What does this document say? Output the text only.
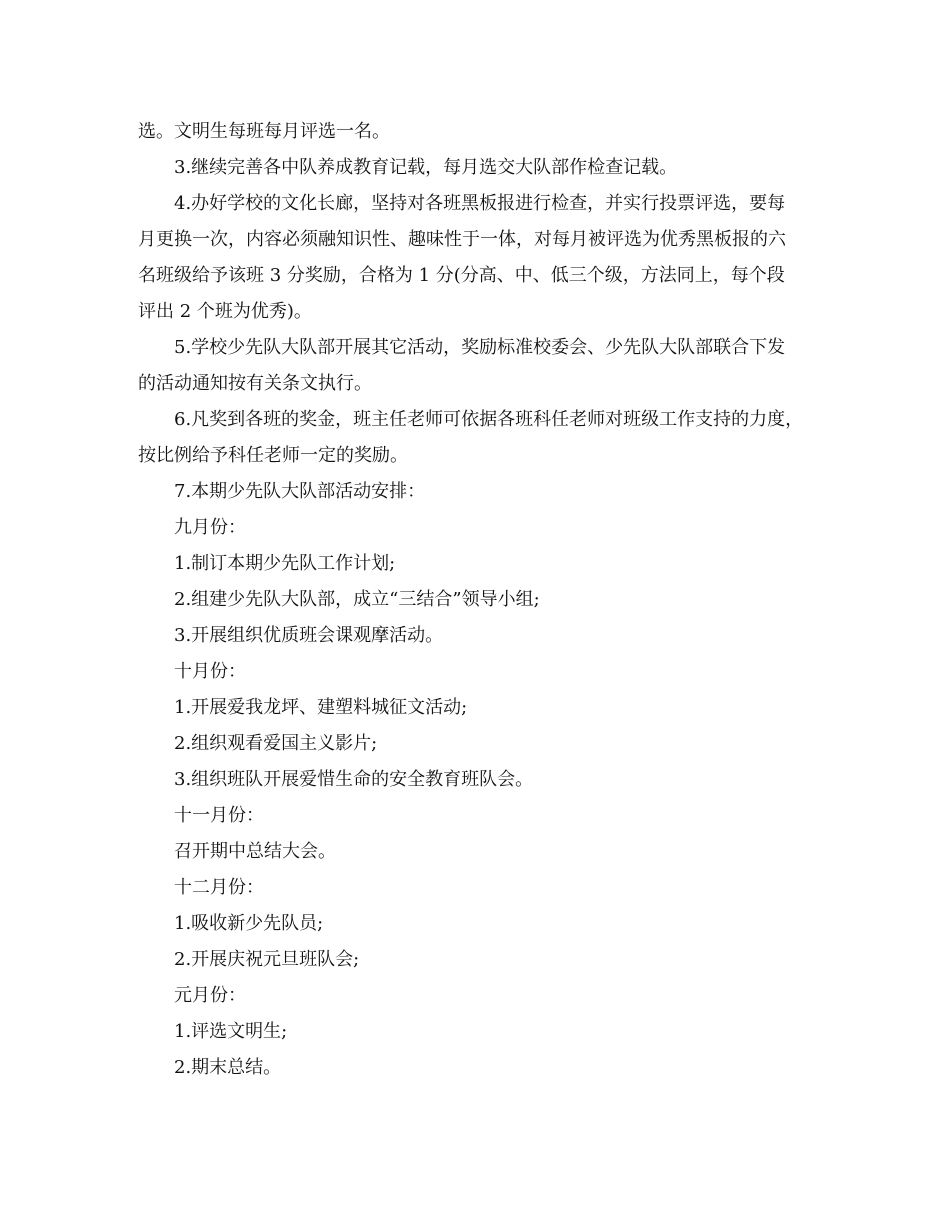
选。文明生每班每月评选一名。

3.继续完善各中队养成教育记载，每月选交大队部作检查记载。

4.办好学校的文化长廊，坚持对各班黑板报进行检查，并实行投票评选，要每

月更换一次，内容必须融知识性、趣味性于一体，对每月被评选为优秀黑板报的六

名班级给予该班 3 分奖励，合格为 1 分(分高、中、低三个级，方法同上，每个段

评出 2 个班为优秀)。

5.学校少先队大队部开展其它活动，奖励标准校委会、少先队大队部联合下发

的活动通知按有关条文执行。

6.凡奖到各班的奖金，班主任老师可依据各班科任老师对班级工作支持的力度，

按比例给予科任老师一定的奖励。

7.本期少先队大队部活动安排：

九月份：

1.制订本期少先队工作计划;

2.组建少先队大队部，成立“三结合”领导小组;

3.开展组织优质班会课观摩活动。

十月份：

1.开展爱我龙坪、建塑料城征文活动;

2.组织观看爱国主义影片;

3.组织班队开展爱惜生命的安全教育班队会。

十一月份：

召开期中总结大会。

十二月份：

1.吸收新少先队员;

2.开展庆祝元旦班队会;

元月份：

1.评选文明生;

2.期末总结。
